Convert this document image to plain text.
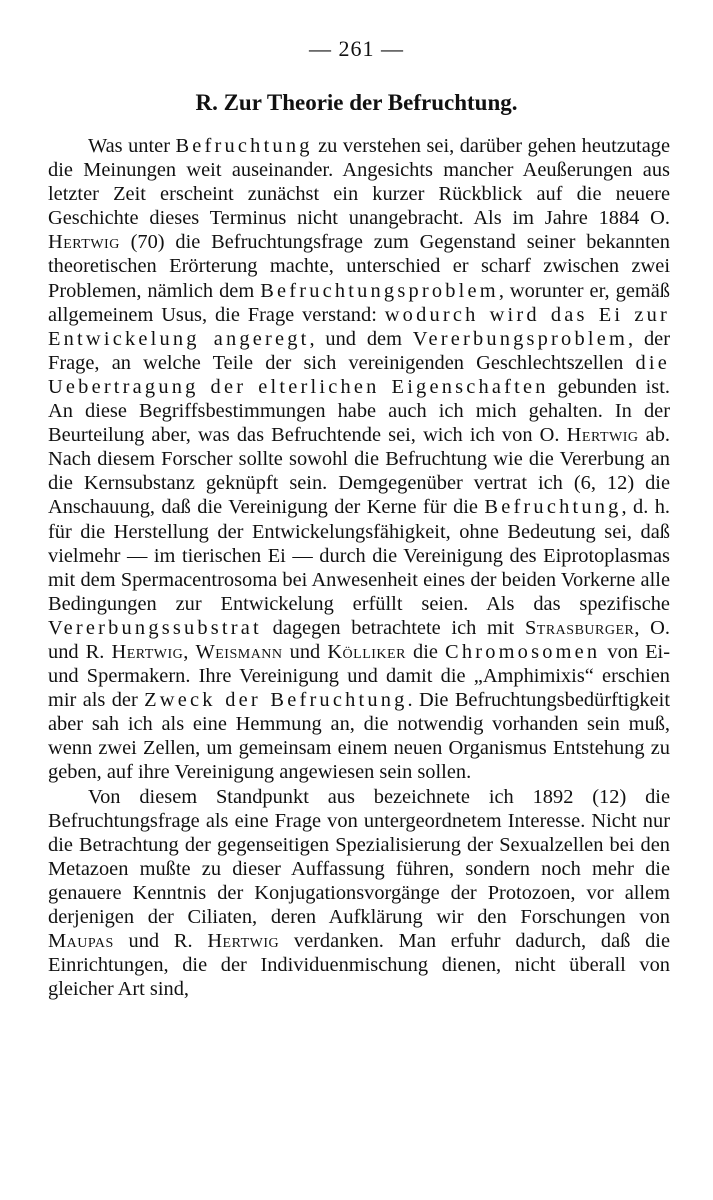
— 261 —
R. Zur Theorie der Befruchtung.

Was unter Befruchtung zu verstehen sei, darüber gehen heutzutage die Meinungen weit auseinander. Angesichts mancher Aeußerungen aus letzter Zeit erscheint zunächst ein kurzer Rückblick auf die neuere Geschichte dieses Terminus nicht unangebracht. Als im Jahre 1884 O. Hertwig (70) die Befruchtungsfrage zum Gegenstand seiner bekannten theoretischen Erörterung machte, unterschied er scharf zwischen zwei Problemen, nämlich dem Befruchtungsproblem, worunter er, gemäß allgemeinem Usus, die Frage verstand: wodurch wird das Ei zur Entwickelung angeregt, und dem Vererbungsproblem, der Frage, an welche Teile der sich vereinigenden Geschlechtszellen die Uebertragung der elterlichen Eigenschaften gebunden ist. An diese Begriffsbestimmungen habe auch ich mich gehalten. In der Beurteilung aber, was das Befruchtende sei, wich ich von O. Hertwig ab. Nach diesem Forscher sollte sowohl die Befruchtung wie die Vererbung an die Kernsubstanz geknüpft sein. Demgegenüber vertrat ich (6, 12) die Anschauung, daß die Vereinigung der Kerne für die Befruchtung, d. h. für die Herstellung der Entwickelungsfähigkeit, ohne Bedeutung sei, daß vielmehr — im tierischen Ei — durch die Vereinigung des Eiprotoplasmas mit dem Spermacentrosoma bei Anwesenheit eines der beiden Vorkerne alle Bedingungen zur Entwickelung erfüllt seien. Als das spezifische Vererbungssubstrat dagegen betrachtete ich mit Strasburger, O. und R. Hertwig, Weismann und Kölliker die Chromosomen von Ei- und Spermakern. Ihre Vereinigung und damit die „Amphimixis“ erschien mir als der Zweck der Befruchtung. Die Befruchtungsbedürftigkeit aber sah ich als eine Hemmung an, die notwendig vorhanden sein muß, wenn zwei Zellen, um gemeinsam einem neuen Organismus Entstehung zu geben, auf ihre Vereinigung angewiesen sein sollen.

Von diesem Standpunkt aus bezeichnete ich 1892 (12) die Befruchtungsfrage als eine Frage von untergeordnetem Interesse. Nicht nur die Betrachtung der gegenseitigen Spezialisierung der Sexualzellen bei den Metazoen mußte zu dieser Auffassung führen, sondern noch mehr die genauere Kenntnis der Konjugationsvorgänge der Protozoen, vor allem derjenigen der Ciliaten, deren Aufklärung wir den Forschungen von Maupas und R. Hertwig verdanken. Man erfuhr dadurch, daß die Einrichtungen, die der Individuenmischung dienen, nicht überall von gleicher Art sind,
